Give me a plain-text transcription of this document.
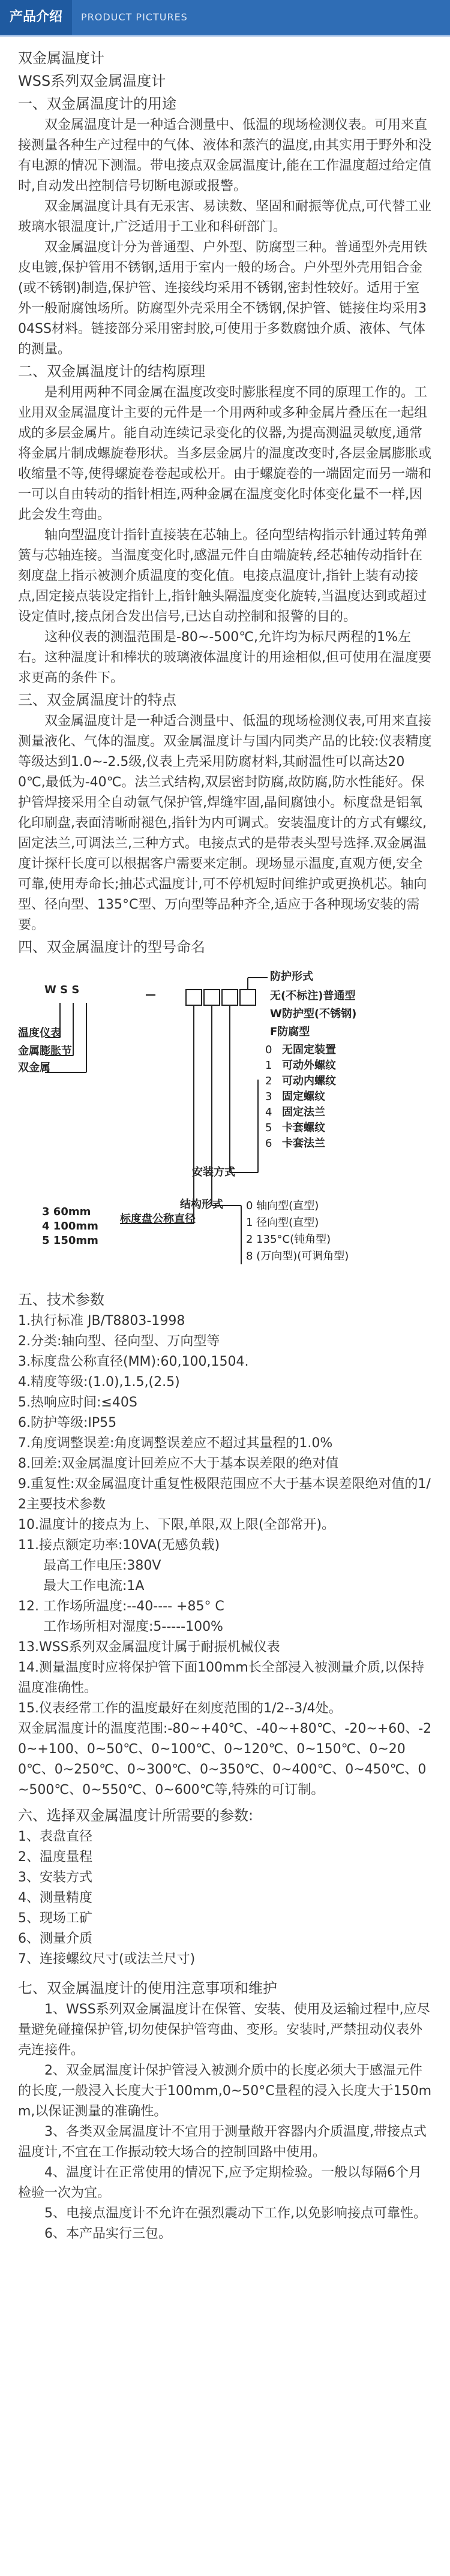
产品介绍	PRODUCT PICTURES
双金属温度计
WSS系列双金属温度计
一、双金属温度计的用途
双金属温度计是一种适合测量中、低温的现场检测仪表。可用来直接测量各种生产过程中的气体、液体和蒸汽的温度,由其实用于野外和没有电源的情况下测温。带电接点双金属温度计,能在工作温度超过给定值时,自动发出控制信号切断电源或报警。
双金属温度计具有无汞害、易读数、坚固和耐振等优点,可代替工业玻璃水银温度计,广泛适用于工业和科研部门。
双金属温度计分为普通型、户外型、防腐型三种。普通型外壳用铁皮电镀,保护管用不锈钢,适用于室内一般的场合。户外型外壳用铝合金(或不锈钢)制造,保护管、连接线均采用不锈钢,密封性较好。适用于室外一般耐腐蚀场所。防腐型外壳采用全不锈钢,保护管、链接住均采用304SS材料。链接部分采用密封胶,可使用于多数腐蚀介质、液体、气体的测量。
二、双金属温度计的结构原理
是利用两种不同金属在温度改变时膨胀程度不同的原理工作的。工业用双金属温度计主要的元件是一个用两种或多种金属片叠压在一起组成的多层金属片。能自动连续记录变化的仪器,为提高测温灵敏度,通常将金属片制成螺旋卷形状。当多层金属片的温度改变时,各层金属膨胀或收缩量不等,使得螺旋卷卷起或松开。由于螺旋卷的一端固定而另一端和一可以自由转动的指针相连,两种金属在温度变化时体变化量不一样,因此会发生弯曲。
轴向型温度计指针直接装在芯轴上。径向型结构指示针通过转角弹簧与芯轴连接。当温度变化时,感温元件自由端旋转,经芯轴传动指针在刻度盘上指示被测介质温度的变化值。电接点温度计,指针上装有动接点,固定接点装设定指针上,指针触头隔温度变化旋转,当温度达到或超过设定值时,接点闭合发出信号,已达自动控制和报警的目的。
这种仪表的测温范围是-80~-500℃,允许均为标尺两程的1%左右。这种温度计和棒状的玻璃液体温度计的用途相似,但可使用在温度要求更高的条件下。
三、双金属温度计的特点
双金属温度计是一种适合测量中、低温的现场检测仪表,可用来直接测量液化、气体的温度。双金属温度计与国内同类产品的比较:仪表精度等级达到1.0~-2.5级,仪表上壳采用防腐材料,其耐温性可以高达200℃,最低为-40℃。法兰式结构,双层密封防腐,故防腐,防水性能好。保护管焊接采用全自动氩气保护管,焊缝牢固,晶间腐蚀小。标度盘是铝氧化印刷盘,表面清晰耐褪色,指针为内可调式。安装温度计的方式有螺纹,固定法兰,可调法兰,三种方式。电接点式的是带表头型号选择.双金属温度计探杆长度可以根据客户需要来定制。现场显示温度,直观方便,安全可靠,使用寿命长;抽芯式温度计,可不停机短时间维护或更换机芯。轴向型、径向型、135°C型、万向型等品种齐全,适应于各种现场安装的需要。
四、双金属温度计的型号命名
W S S	—
温度仪表
金属膨胀节
双金属
防护形式
无(不标注)普通型
W防护型(不锈钢)
F防腐型
0 无固定装置
1 可动外螺纹
2 可动内螺纹
3 固定螺纹
4 固定法兰
5 卡套螺纹
6 卡套法兰
安装方式
结构形式 0 轴向型(直型)
1 径向型(直型)
2 135°C(钝角型)
8 (万向型)(可调角型)
3 60mm
4 100mm
5 150mm
标度盘公称直径
五、技术参数
1.执行标准 JB/T8803-1998
2.分类:轴向型、径向型、万向型等
3.标度盘公称直径(MM):60,100,1504.
4.精度等级:(1.0),1.5,(2.5)
5.热响应时间:≤40S
6.防护等级:IP55
7.角度调整误差:角度调整误差应不超过其量程的1.0%
8.回差:双金属温度计回差应不大于基本误差限的绝对值
9.重复性:双金属温度计重复性极限范围应不大于基本误差限绝对值的1/2主要技术参数
10.温度计的接点为上、下限,单限,双上限(全部常开)。
11.接点额定功率:10VA(无感负载)
最高工作电压:380V
最大工作电流:1A
12. 工作场所温度:--40---- +85° C
工作场所相对湿度:5-----100%
13.WSS系列双金属温度计属于耐振机械仪表
14.测量温度时应将保护管下面100mm长全部浸入被测量介质,以保持温度准确性。
15.仪表经常工作的温度最好在刻度范围的1/2--3/4处。
双金属温度计的温度范围:-80~+40℃、-40~+80℃、-20~+60、-20~+100、0~50℃、0~100℃、0~120℃、0~150℃、0~200℃、0~250℃、0~300℃、0~350℃、0~400℃、0~450℃、0~500℃、0~550℃、0~600℃等,特殊的可订制。
六、选择双金属温度计所需要的参数:
1、表盘直径
2、温度量程
3、安装方式
4、测量精度
5、现场工矿
6、测量介质
7、连接螺纹尺寸(或法兰尺寸)
七、双金属温度计的使用注意事项和维护
1、WSS系列双金属温度计在保管、安装、使用及运输过程中,应尽量避免碰撞保护管,切勿使保护管弯曲、变形。安装时,严禁扭动仪表外壳连接件。
2、双金属温度计保护管浸入被测介质中的长度必须大于感温元件的长度,一般浸入长度大于100mm,0~50°C量程的浸入长度大于150mm,以保证测量的准确性。
3、各类双金属温度计不宜用于测量敞开容器内介质温度,带接点式温度计,不宜在工作振动较大场合的控制回路中使用。
4、温度计在正常使用的情况下,应予定期检验。一般以每隔6个月检验一次为宜。
5、电接点温度计不允许在强烈震动下工作,以免影响接点可靠性。
6、本产品实行三包。
